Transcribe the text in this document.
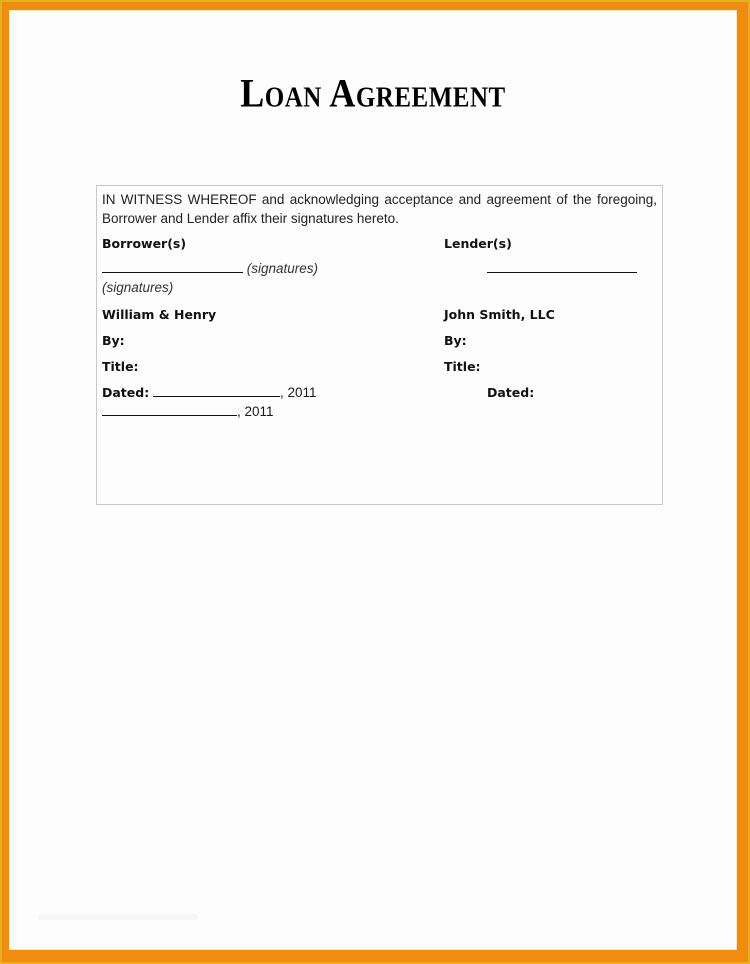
Loan Agreement
IN WITNESS WHEREOF and acknowledging acceptance and agreement of the foregoing, Borrower and Lender affix their signatures hereto.
Borrower(s)
(signatures)
(signatures)
William & Henry
By:
Title:
Dated:	, 2011
, 2011
Lender(s)
John Smith, LLC
By:
Title:
Dated:
